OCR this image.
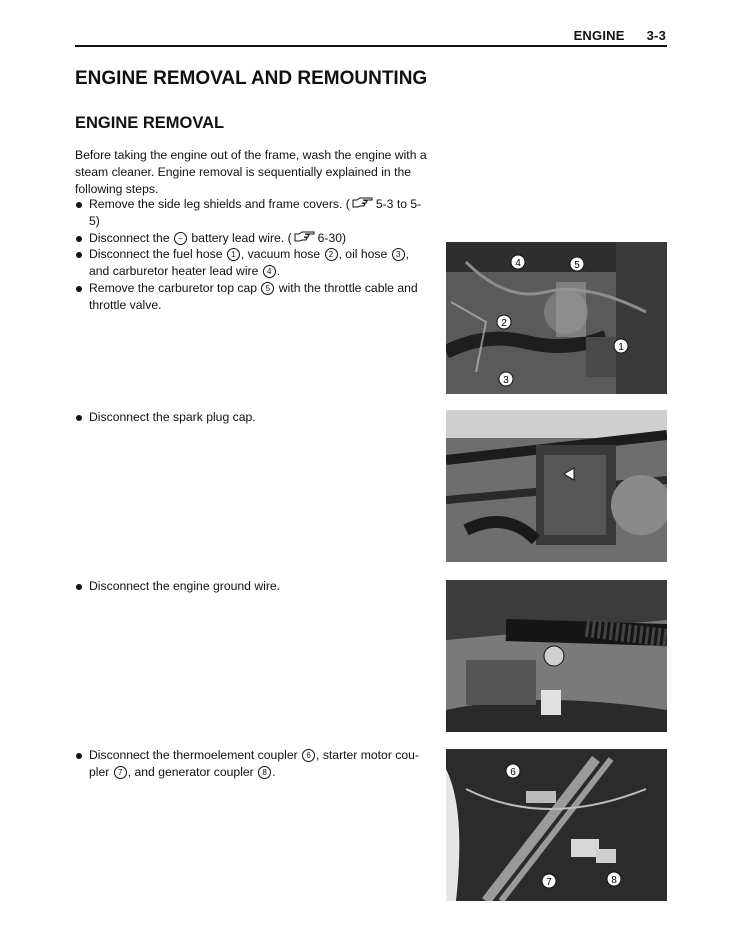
ENGINE 3-3
ENGINE REMOVAL AND REMOUNTING
ENGINE REMOVAL

Before taking the engine out of the frame, wash the engine with a steam cleaner. Engine removal is sequentially explained in the following steps.

Remove the side leg shields and frame covers. ( 5-3 to 5-5)
Disconnect the − battery lead wire. ( 6-30)
Disconnect the fuel hose 1 , vacuum hose 2 , oil hose 3 , and carburetor heater lead wire 4 .
Remove the carburetor top cap 5 with the throttle cable and throttle valve.
Disconnect the spark plug cap.
Disconnect the engine ground wire.
Disconnect the thermoelement coupler 6 , starter motor cou-pler 7 , and generator coupler 8 .
4	5
2
1
3
6
7	8
